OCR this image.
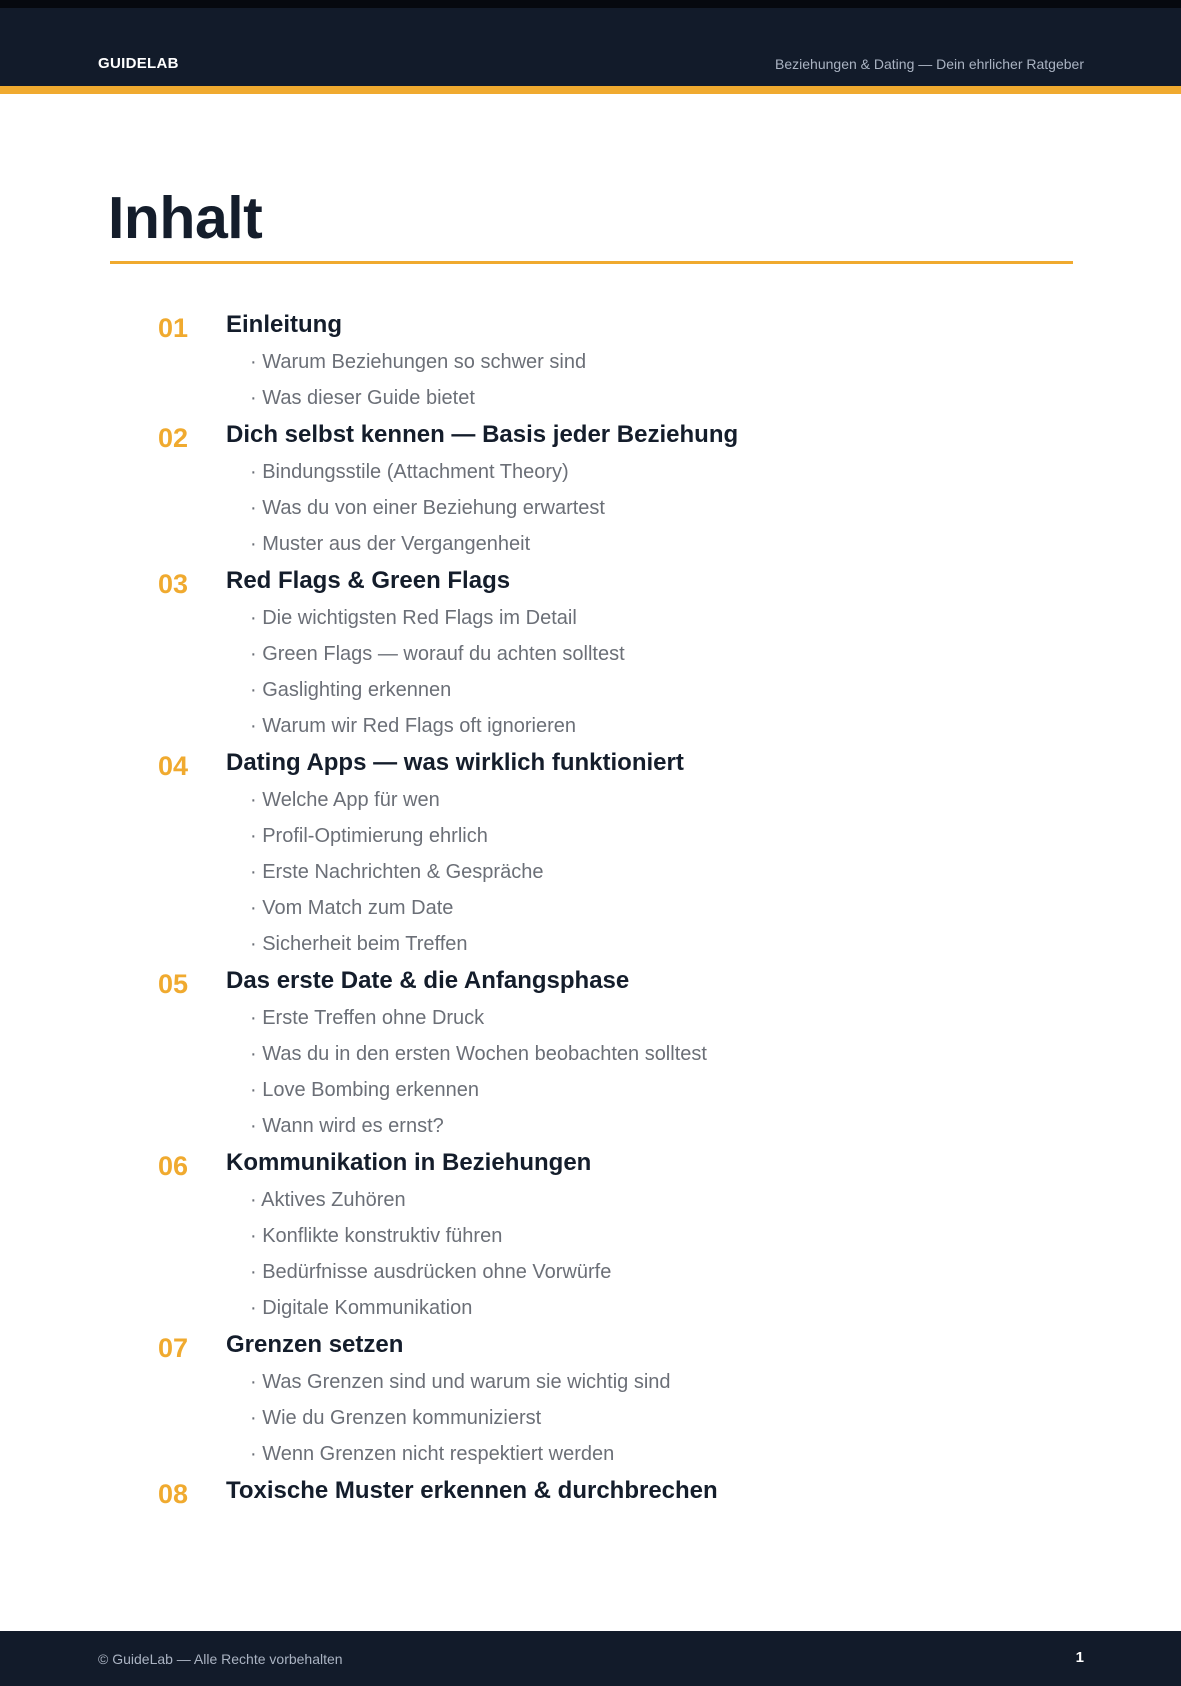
GUIDELAB	Beziehungen & Dating — Dein ehrlicher Ratgeber
Inhalt
01 Einleitung
· Warum Beziehungen so schwer sind
· Was dieser Guide bietet
02 Dich selbst kennen — Basis jeder Beziehung
· Bindungsstile (Attachment Theory)
· Was du von einer Beziehung erwartest
· Muster aus der Vergangenheit
03 Red Flags & Green Flags
· Die wichtigsten Red Flags im Detail
· Green Flags — worauf du achten solltest
· Gaslighting erkennen
· Warum wir Red Flags oft ignorieren
04 Dating Apps — was wirklich funktioniert
· Welche App für wen
· Profil-Optimierung ehrlich
· Erste Nachrichten & Gespräche
· Vom Match zum Date
· Sicherheit beim Treffen
05 Das erste Date & die Anfangsphase
· Erste Treffen ohne Druck
· Was du in den ersten Wochen beobachten solltest
· Love Bombing erkennen
· Wann wird es ernst?
06 Kommunikation in Beziehungen
· Aktives Zuhören
· Konflikte konstruktiv führen
· Bedürfnisse ausdrücken ohne Vorwürfe
· Digitale Kommunikation
07 Grenzen setzen
· Was Grenzen sind und warum sie wichtig sind
· Wie du Grenzen kommunizierst
· Wenn Grenzen nicht respektiert werden
08 Toxische Muster erkennen & durchbrechen
© GuideLab — Alle Rechte vorbehalten	1
